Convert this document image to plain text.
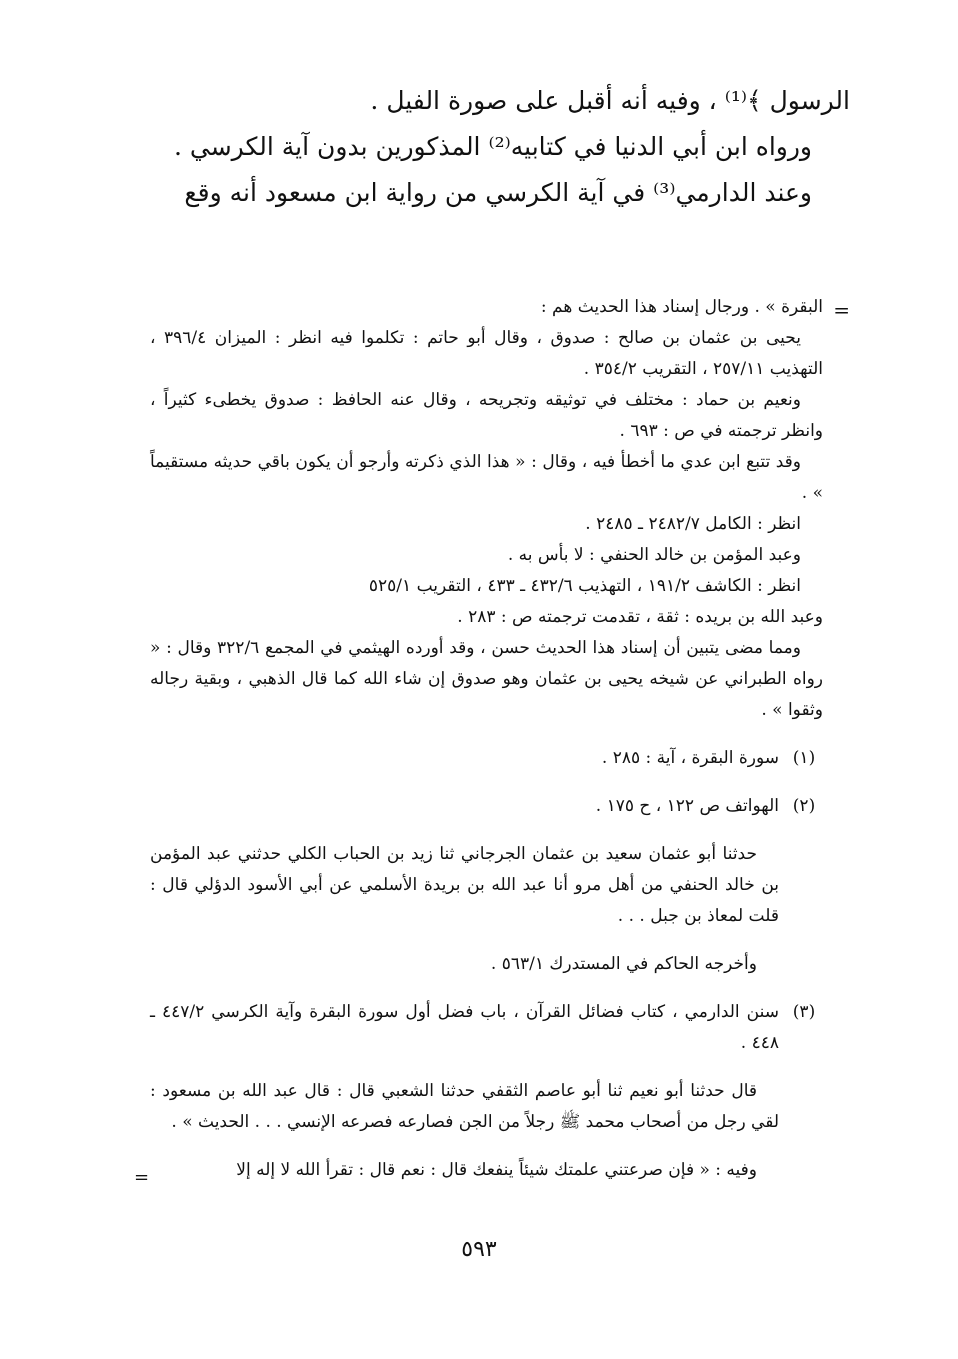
الرسول ﴾⁽¹⁾ ، وفيه أنه أقبل على صورة الفيل .

ورواه ابن أبي الدنيا في كتابيه⁽²⁾ المذكورين بدون آية الكرسي .

وعند الدارمي⁽³⁾ في آية الكرسي من رواية ابن مسعود أنه وقع

=

البقرة » . ورجال إسناد هذا الحديث هم :

يحيى بن عثمان بن صالح : صدوق ، وقال أبو حاتم : تكلموا فيه انظر : الميزان ٣٩٦/٤ ، التهذيب ٢٥٧/١١ ، التقريب ٣٥٤/٢ .

ونعيم بن حماد : مختلف في توثيقه وتجريحه ، وقال عنه الحافظ : صدوق يخطىء كثيراً ، وانظر ترجمته في ص : ٦٩٣ .

وقد تتبع ابن عدي ما أخطأ فيه ، وقال : « هذا الذي ذكرته وأرجو أن يكون باقي حديثه مستقيماً » .

انظر : الكامل ٢٤٨٢/٧ ـ ٢٤٨٥ .

وعبد المؤمن بن خالد الحنفي : لا بأس به .

انظر : الكاشف ١٩١/٢ ، التهذيب ٤٣٢/٦ ـ ٤٣٣ ، التقريب ٥٢٥/١

وعبد الله بن بريده : ثقة ، تقدمت ترجمته ص : ٢٨٣ .

ومما مضى يتبين أن إسناد هذا الحديث حسن ، وقد أورده الهيثمي في المجمع ٣٢٢/٦ وقال : « رواه الطبراني عن شيخه يحيى بن عثمان وهو صدوق إن شاء الله كما قال الذهبي ، وبقية رجاله وثقوا » .

(١)

سورة البقرة ، آية : ٢٨٥ .

(٢)

الهواتف ص ١٢٢ ، ح ١٧٥ .

حدثنا أبو عثمان سعيد بن عثمان الجرجاني ثنا زيد بن الحباب الكلي حدثني عبد المؤمن بن خالد الحنفي من أهل مرو أنا عبد الله بن بريدة الأسلمي عن أبي الأسود الدؤلي قال : قلت لمعاذ بن جبل . . .

وأخرجه الحاكم في المستدرك ٥٦٣/١ .

(٣)

سنن الدارمي ، كتاب فضائل القرآن ، باب فضل أول سورة البقرة وآية الكرسي ٤٤٧/٢ ـ ٤٤٨ .

قال حدثنا أبو نعيم ثنا أبو عاصم الثقفي حدثنا الشعبي قال : قال عبد الله بن مسعود : لقي رجل من أصحاب محمد ﷺ رجلاً من الجن فصارعه فصرعه الإنسي . . . الحديث » .

وفيه : « فإن صرعتني علمتك شيئاً ينفعك قال : نعم قال : تقرأ الله لا إله إلا

=
٥٩٣
